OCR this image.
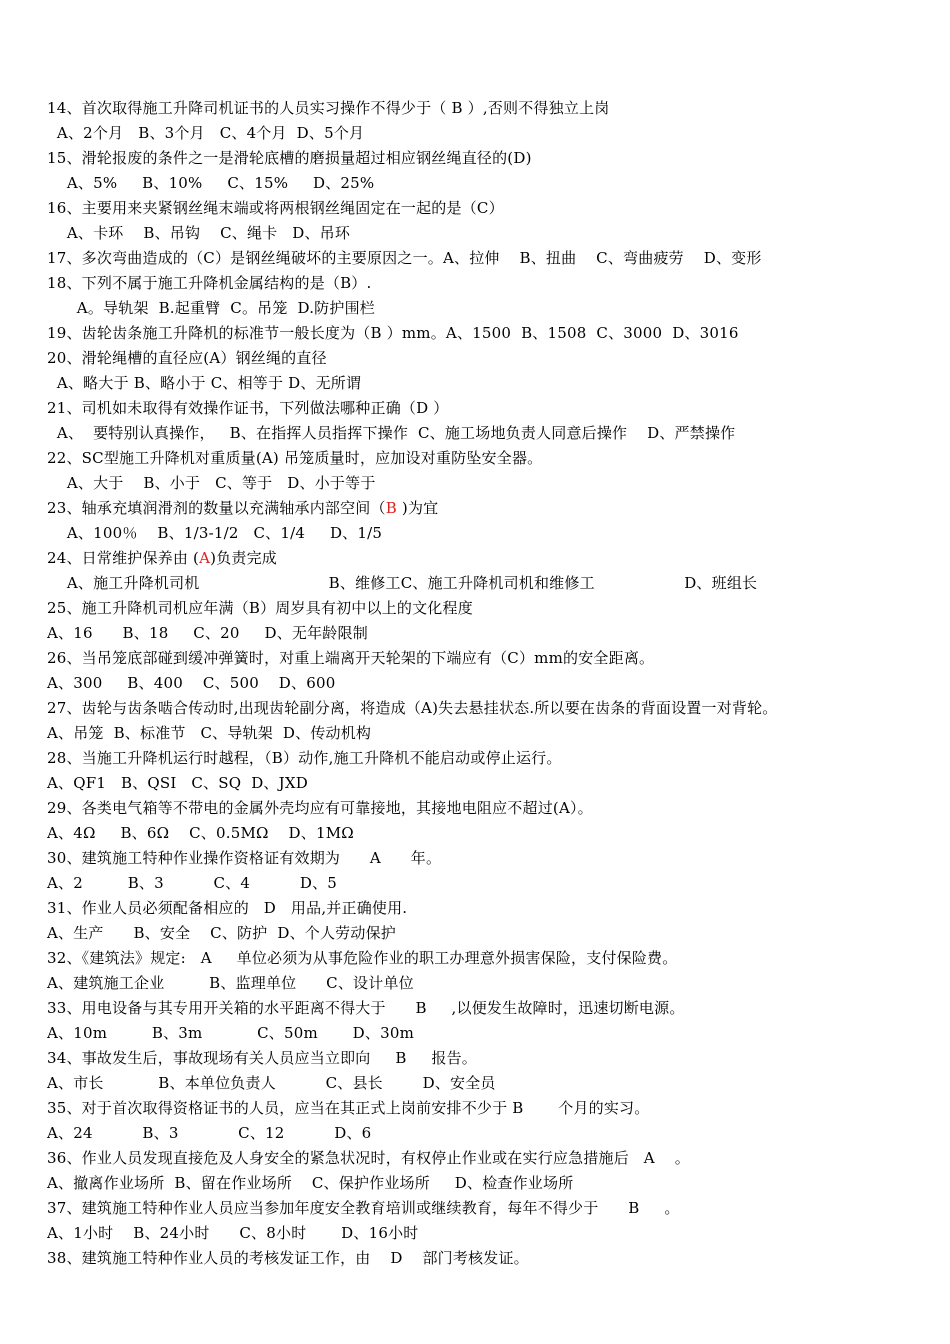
14、首次取得施工升降司机证书的人员实习操作不得少于（ B ）,否则不得独立上岗
A、2个月   B、3个月   C、4个月  D、5个月
15、滑轮报废的条件之一是滑轮底槽的磨损量超过相应钢丝绳直径的(D)
A、5%     B、10%     C、15%     D、25%
16、主要用来夹紧钢丝绳末端或将两根钢丝绳固定在一起的是（C）
A、卡环    B、吊钩    C、绳卡   D、吊环
17、多次弯曲造成的（C）是钢丝绳破坏的主要原因之一。A、拉伸    B、扭曲    C、弯曲疲劳    D、变形
18、下列不属于施工升降机金属结构的是（B）.
A。导轨架  B.起重臂  C。吊笼  D.防护围栏
19、齿轮齿条施工升降机的标准节一般长度为（B ）mm。A、1500  B、1508  C、3000  D、3016
20、滑轮绳槽的直径应(A）钢丝绳的直径
A、略大于 B、略小于 C、相等于 D、无所谓
21、司机如未取得有效操作证书，下列做法哪种正确（D ）
A、  要特别认真操作，   B、在指挥人员指挥下操作  C、施工场地负责人同意后操作    D、严禁操作
22、SC型施工升降机对重质量(A) 吊笼质量时，应加设对重防坠安全器。
A、大于    B、小于   C、等于   D、小于等于
23、轴承充填润滑剂的数量以充满轴承内部空间（B )为宜
A、100％    B、1/3-1/2   C、1/4     D、1/5
24、日常维护保养由 (A)负责完成
A、施工升降机司机                          B、维修工C、施工升降机司机和维修工                  D、班组长
25、施工升降机司机应年满（B）周岁具有初中以上的文化程度
A、16      B、18     C、20     D、无年龄限制
26、当吊笼底部碰到缓冲弹簧时，对重上端离开天轮架的下端应有（C）mm的安全距离。
A、300     B、400    C、500    D、600
27、齿轮与齿条啮合传动时,出现齿轮副分离，将造成（A)失去悬挂状态.所以要在齿条的背面设置一对背轮。
A、吊笼  B、标准节   C、导轨架  D、传动机构
28、当施工升降机运行时越程，（B）动作,施工升降机不能启动或停止运行。
A、QF1   B、QSI   C、SQ  D、JXD
29、各类电气箱等不带电的金属外壳均应有可靠接地，其接地电阻应不超过(A）。
A、4Ω     B、6Ω    C、0.5MΩ    D、1MΩ
30、建筑施工特种作业操作资格证有效期为      A      年。
A、2         B、3          C、4          D、5
31、作业人员必须配备相应的   D   用品,并正确使用.
A、生产      B、安全    C、防护  D、个人劳动保护
32、《建筑法》规定:   A     单位必须为从事危险作业的职工办理意外损害保险，支付保险费。
A、建筑施工企业         B、监理单位      C、设计单位
33、用电设备与其专用开关箱的水平距离不得大于      B     ,以便发生故障时，迅速切断电源。
A、10m         B、3m           C、50m       D、30m
34、事故发生后，事故现场有关人员应当立即向     B     报告。
A、市长           B、本单位负责人          C、县长        D、安全员
35、对于首次取得资格证书的人员，应当在其正式上岗前安排不少于 B       个月的实习。
A、24          B、3            C、12          D、6
36、作业人员发现直接危及人身安全的紧急状况时，有权停止作业或在实行应急措施后   A    。
A、撤离作业场所  B、留在作业场所    C、保护作业场所     D、检查作业场所
37、建筑施工特种作业人员应当参加年度安全教育培训或继续教育，每年不得少于      B     。
A、1小时    B、24小时      C、8小时       D、16小时
38、建筑施工特种作业人员的考核发证工作，由    D    部门考核发证。
